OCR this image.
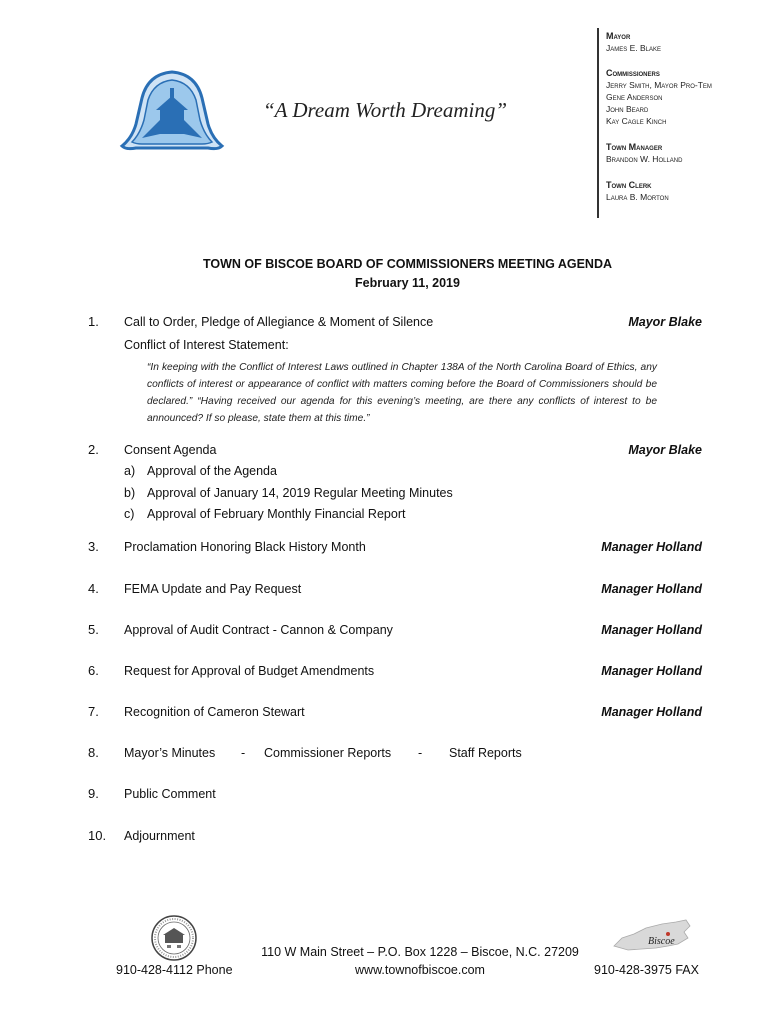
“A Dream Worth Dreaming”
Mayor
James E. Blake
Commissioners
Jerry Smith, Mayor Pro-Tem
Gene Anderson
John Beard
Kay Cagle Kinch
Town Manager
Brandon W. Holland
Town Clerk
Laura B. Morton
TOWN OF BISCOE BOARD OF COMMISSIONERS MEETING AGENDA
February 11, 2019
1. Call to Order, Pledge of Allegiance & Moment of Silence	Mayor Blake
Conflict of Interest Statement:
“In keeping with the Conflict of Interest Laws outlined in Chapter 138A of the North Carolina Board of Ethics, any conflicts of interest or appearance of conflict with matters coming before the Board of Commissioners should be declared.” “Having received our agenda for this evening’s meeting, are there any conflicts of interest to be announced? If so please, state them at this time.”
2. Consent Agenda	Mayor Blake
a) Approval of the Agenda
b) Approval of January 14, 2019 Regular Meeting Minutes
c) Approval of February Monthly Financial Report
3. Proclamation Honoring Black History Month	Manager Holland
4. FEMA Update and Pay Request	Manager Holland
5. Approval of Audit Contract - Cannon & Company	Manager Holland
6. Request for Approval of Budget Amendments	Manager Holland
7. Recognition of Cameron Stewart	Manager Holland
8. Mayor’s Minutes - Commissioner Reports - Staff Reports
9. Public Comment
10. Adjournment
Biscoe
110 W Main Street – P.O. Box 1228 – Biscoe, N.C. 27209
www.townofbiscoe.com
910-428-4112 Phone	910-428-3975 FAX
